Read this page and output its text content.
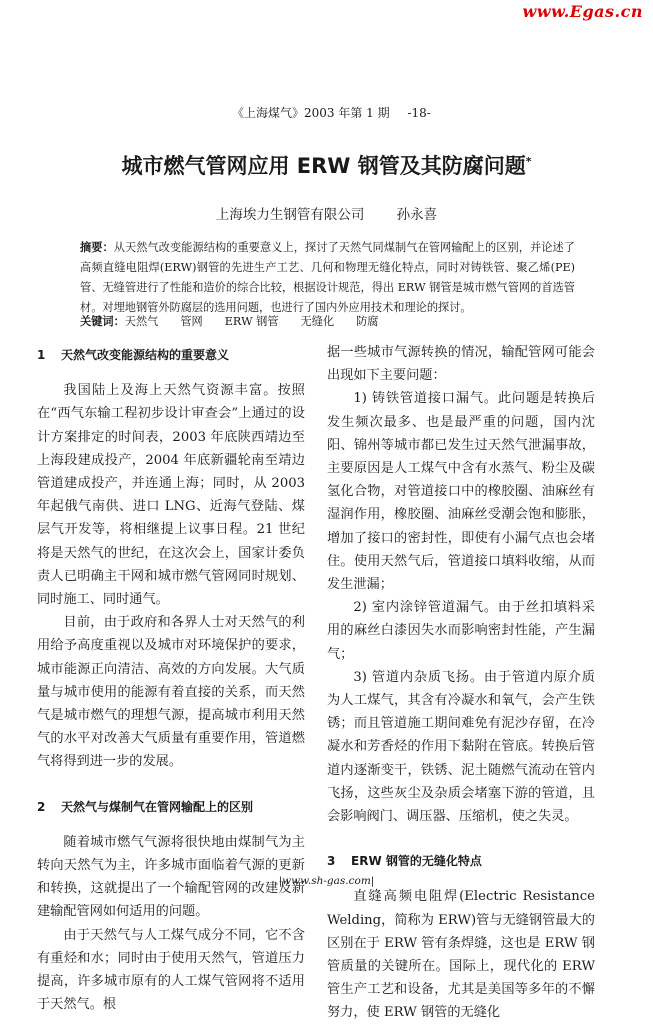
www.Egas.cn
《上海煤气》2003 年第 1 期 -18-
城市燃气管网应用 ERW 钢管及其防腐问题*
上海埃力生钢管有限公司 孙永喜
摘要：从天然气改变能源结构的重要意义上，探讨了天然气同煤制气在管网输配上的区别，并论述了高频直缝电阻焊(ERW)钢管的先进生产工艺、几何和物理无缝化特点，同时对铸铁管、聚乙烯(PE)管、无缝管进行了性能和造价的综合比较，根据设计规范，得出 ERW 钢管是城市燃气管网的首选管材。对埋地钢管外防腐层的选用问题，也进行了国内外应用技术和理论的探讨。
关键词：天然气 管网 ERW 钢管 无缝化 防腐

1 天然气改变能源结构的重要意义

我国陆上及海上天然气资源丰富。按照在“西气东输工程初步设计审查会”上通过的设计方案排定的时间表，2003 年底陕西靖边至上海段建成投产，2004 年底新疆轮南至靖边管道建成投产，并连通上海；同时，从 2003 年起俄气南供、进口 LNG、近海气登陆、煤层气开发等，将相继提上议事日程。21 世纪将是天然气的世纪，在这次会上，国家计委负责人已明确主干网和城市燃气管网同时规划、同时施工、同时通气。

目前，由于政府和各界人士对天然气的利用给予高度重视以及城市对环境保护的要求，城市能源正向清洁、高效的方向发展。大气质量与城市使用的能源有着直接的关系，而天然气是城市燃气的理想气源，提高城市利用天然气的水平对改善大气质量有重要作用，管道燃气将得到进一步的发展。

2 天然气与煤制气在管网输配上的区别

随着城市燃气气源将很快地由煤制气为主转向天然气为主，许多城市面临着气源的更新和转换，这就提出了一个输配管网的改建及新建输配管网如何适用的问题。

由于天然气与人工煤气成分不同，它不含有重烃和水；同时由于使用天然气，管道压力提高，许多城市原有的人工煤气管网将不适用于天然气。根

据一些城市气源转换的情况，输配管网可能会出现如下主要问题：

1) 铸铁管道接口漏气。此问题是转换后发生频次最多、也是最严重的问题，国内沈阳、锦州等城市都已发生过天然气泄漏事故，主要原因是人工煤气中含有水蒸气、粉尘及碳氢化合物，对管道接口中的橡胶圈、油麻丝有湿润作用，橡胶圈、油麻丝受潮会饱和膨胀，增加了接口的密封性，即使有小漏气点也会堵住。使用天然气后，管道接口填料收缩，从而发生泄漏；

2) 室内涂锌管道漏气。由于丝扣填料采用的麻丝白漆因失水而影响密封性能，产生漏气；

3) 管道内杂质飞扬。由于管道内原介质为人工煤气，其含有冷凝水和氧气，会产生铁锈；而且管道施工期间难免有泥沙存留，在冷凝水和芳香烃的作用下黏附在管底。转换后管道内逐渐变干，铁锈、泥土随燃气流动在管内飞扬，这些灰尘及杂质会堵塞下游的管道，且会影响阀门、调压器、压缩机，使之失灵。

3 ERW 钢管的无缝化特点

直缝高频电阻焊(Electric Resistance Welding，简称为 ERW)管与无缝钢管最大的区别在于 ERW 管有条焊缝，这也是 ERW 钢管质量的关键所在。国际上，现代化的 ERW 管生产工艺和设备，尤其是美国等多年的不懈努力，使 ERW 钢管的无缝化

|www.sh-gas.com|
